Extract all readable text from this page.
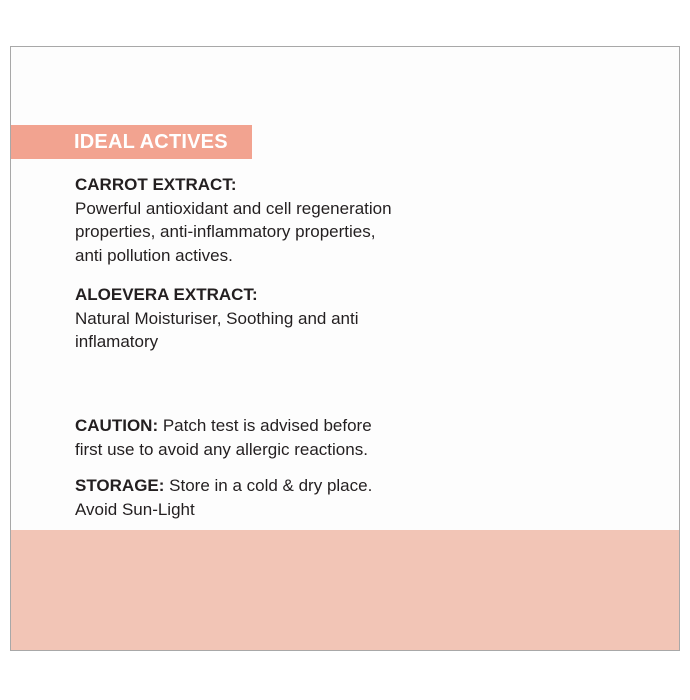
IDEAL ACTIVES
CARROT EXTRACT:
Powerful antioxidant and cell regeneration
properties, anti-inflammatory properties,
anti pollution actives.
ALOEVERA EXTRACT:
Natural Moisturiser, Soothing and anti
inflamatory
CAUTION: Patch test is advised before
first use to avoid any allergic reactions.
STORAGE: Store in a cold & dry place.
Avoid Sun-Light
